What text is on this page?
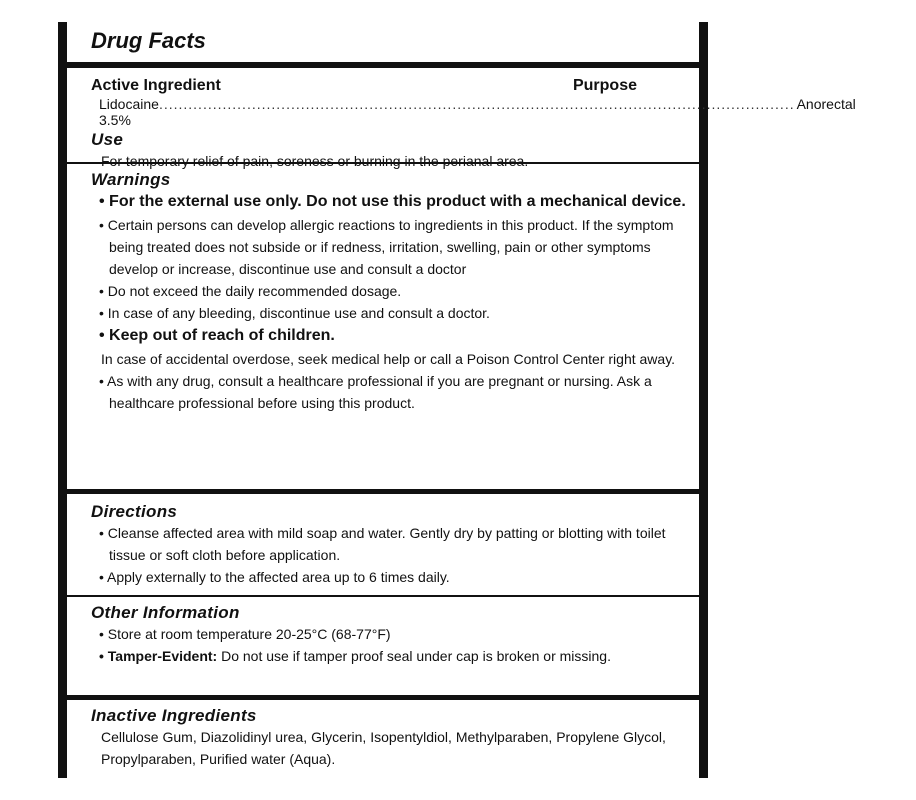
Drug Facts
Active Ingredient	Purpose
Lidocaine 3.5%
.................................................................................................................................. Anorectal
Use

For temporary relief of pain, soreness or burning in the perianal area.

Warnings
• For the external use only. Do not use this product with a mechanical device.
• Certain persons can develop allergic reactions to ingredients in this product. If the symptom being treated does not subside or if redness, irritation, swelling, pain or other symptoms develop or increase, discontinue use and consult a doctor
• Do not exceed the daily recommended dosage.
• In case of any bleeding, discontinue use and consult a doctor.
• Keep out of reach of children.
In case of accidental overdose, seek medical help or call a Poison Control Center right away.
• As with any drug, consult a healthcare professional if you are pregnant or nursing. Ask a healthcare professional before using this product.
Directions
• Cleanse affected area with mild soap and water. Gently dry by patting or blotting with toilet tissue or soft cloth before application.
• Apply externally to the affected area up to 6 times daily.
Other Information
• Store at room temperature 20-25°C (68-77°F)
• Tamper-Evident: Do not use if tamper proof seal under cap is broken or missing.
Inactive Ingredients

Cellulose Gum, Diazolidinyl urea, Glycerin, Isopentyldiol, Methylparaben, Propylene Glycol, Propylparaben, Purified water (Aqua).
